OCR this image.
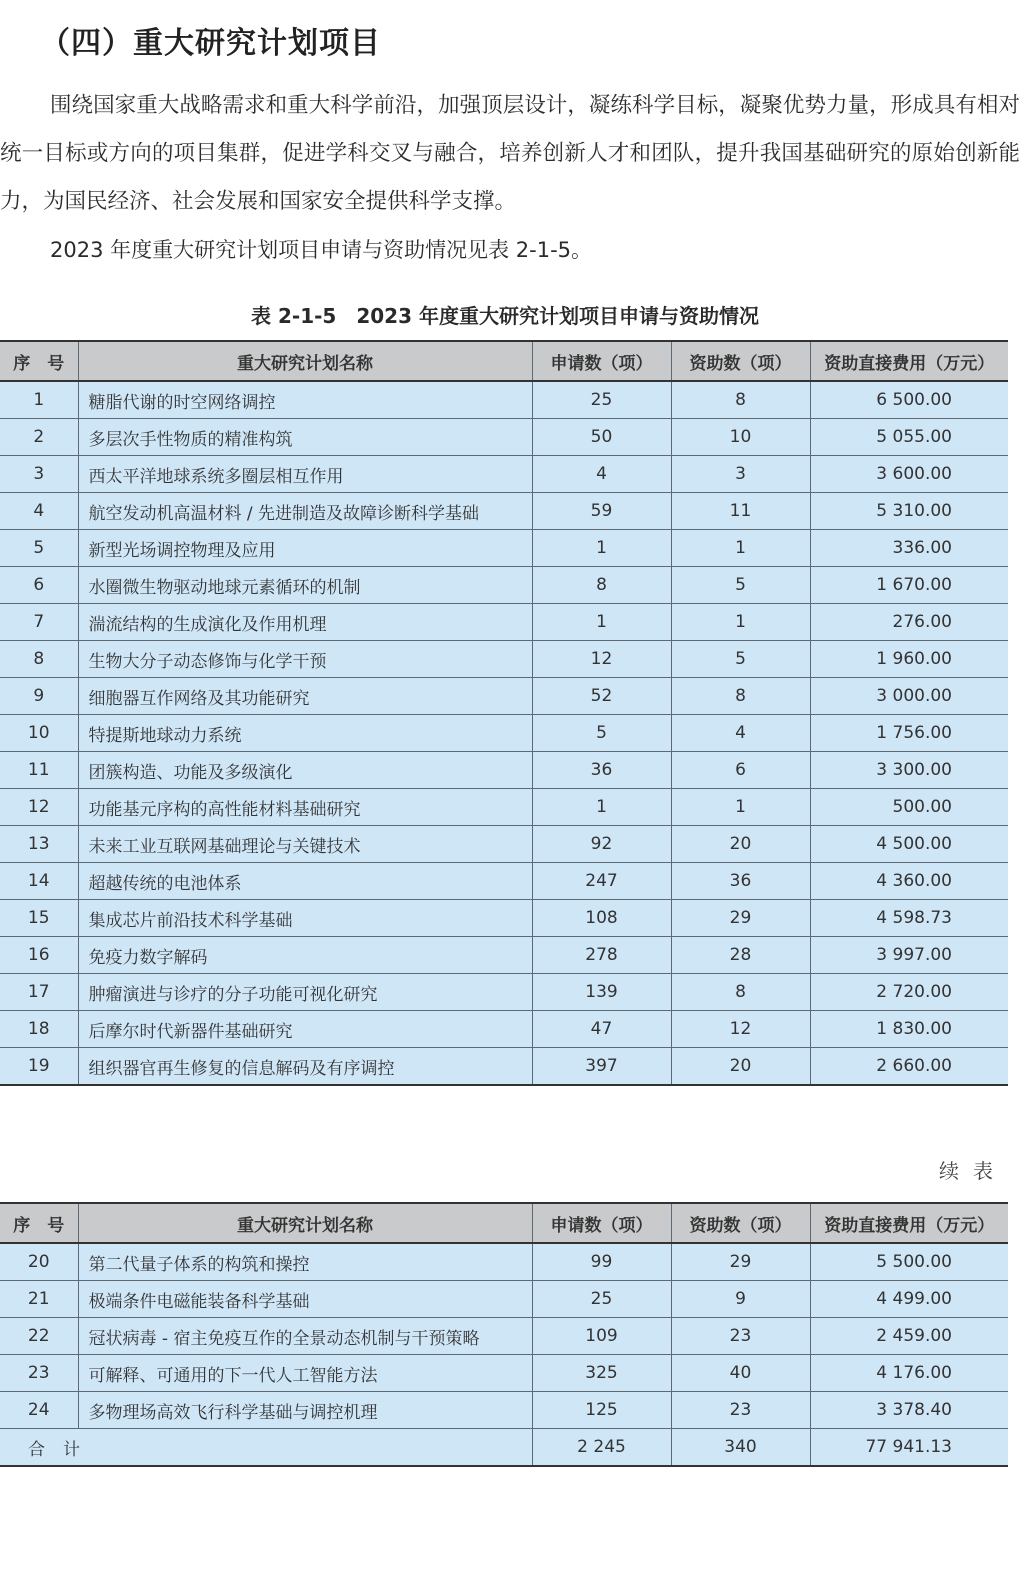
（四）重大研究计划项目

围绕国家重大战略需求和重大科学前沿，加强顶层设计，凝练科学目标，凝聚优势力量，形成具有相对统一目标或方向的项目集群，促进学科交叉与融合，培养创新人才和团队，提升我国基础研究的原始创新能力，为国民经济、社会发展和国家安全提供科学支撑。

2023 年度重大研究计划项目申请与资助情况见表 2-1-5。

表 2-1-5　2023 年度重大研究计划项目申请与资助情况
序　号	重大研究计划名称	申请数（项）	资助数（项）	资助直接费用（万元）
1	糖脂代谢的时空网络调控	25	8	6 500.00
2	多层次手性物质的精准构筑	50	10	5 055.00
3	西太平洋地球系统多圈层相互作用	4	3	3 600.00
4	航空发动机高温材料 / 先进制造及故障诊断科学基础	59	11	5 310.00
5	新型光场调控物理及应用	1	1	336.00
6	水圈微生物驱动地球元素循环的机制	8	5	1 670.00
7	湍流结构的生成演化及作用机理	1	1	276.00
8	生物大分子动态修饰与化学干预	12	5	1 960.00
9	细胞器互作网络及其功能研究	52	8	3 000.00
10	特提斯地球动力系统	5	4	1 756.00
11	团簇构造、功能及多级演化	36	6	3 300.00
12	功能基元序构的高性能材料基础研究	1	1	500.00
13	未来工业互联网基础理论与关键技术	92	20	4 500.00
14	超越传统的电池体系	247	36	4 360.00
15	集成芯片前沿技术科学基础	108	29	4 598.73
16	免疫力数字解码	278	28	3 997.00
17	肿瘤演进与诊疗的分子功能可视化研究	139	8	2 720.00
18	后摩尔时代新器件基础研究	47	12	1 830.00
19	组织器官再生修复的信息解码及有序调控	397	20	2 660.00
续表
序　号	重大研究计划名称	申请数（项）	资助数（项）	资助直接费用（万元）
20	第二代量子体系的构筑和操控	99	29	5 500.00
21	极端条件电磁能装备科学基础	25	9	4 499.00
22	冠状病毒 - 宿主免疫互作的全景动态机制与干预策略	109	23	2 459.00
23	可解释、可通用的下一代人工智能方法	325	40	4 176.00
24	多物理场高效飞行科学基础与调控机理	125	23	3 378.40
合计		2 245	340	77 941.13
